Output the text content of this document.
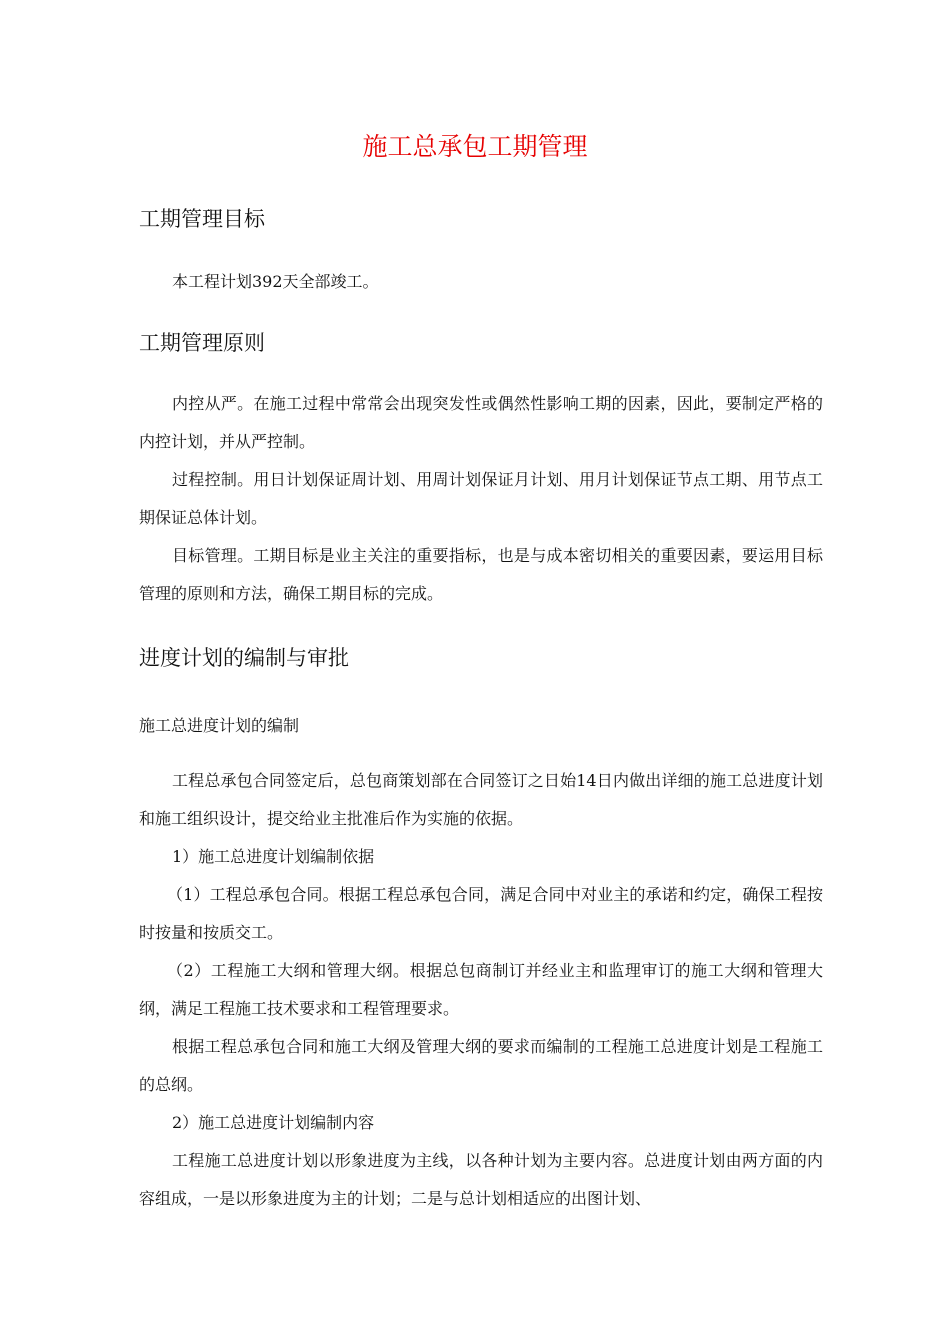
施工总承包工期管理
工期管理目标

本工程计划392天全部竣工。

工期管理原则

内控从严。在施工过程中常常会出现突发性或偶然性影响工期的因素，因此，要制定严格的内控计划，并从严控制。

过程控制。用日计划保证周计划、用周计划保证月计划、用月计划保证节点工期、用节点工期保证总体计划。

目标管理。工期目标是业主关注的重要指标，也是与成本密切相关的重要因素，要运用目标管理的原则和方法，确保工期目标的完成。

进度计划的编制与审批
施工总进度计划的编制

工程总承包合同签定后，总包商策划部在合同签订之日始14日内做出详细的施工总进度计划和施工组织设计，提交给业主批准后作为实施的依据。

1）施工总进度计划编制依据

（1）工程总承包合同。根据工程总承包合同，满足合同中对业主的承诺和约定，确保工程按时按量和按质交工。

（2）工程施工大纲和管理大纲。根据总包商制订并经业主和监理审订的施工大纲和管理大纲，满足工程施工技术要求和工程管理要求。

根据工程总承包合同和施工大纲及管理大纲的要求而编制的工程施工总进度计划是工程施工的总纲。

2）施工总进度计划编制内容

工程施工总进度计划以形象进度为主线，以各种计划为主要内容。总进度计划由两方面的内容组成，一是以形象进度为主的计划；二是与总计划相适应的出图计划、
